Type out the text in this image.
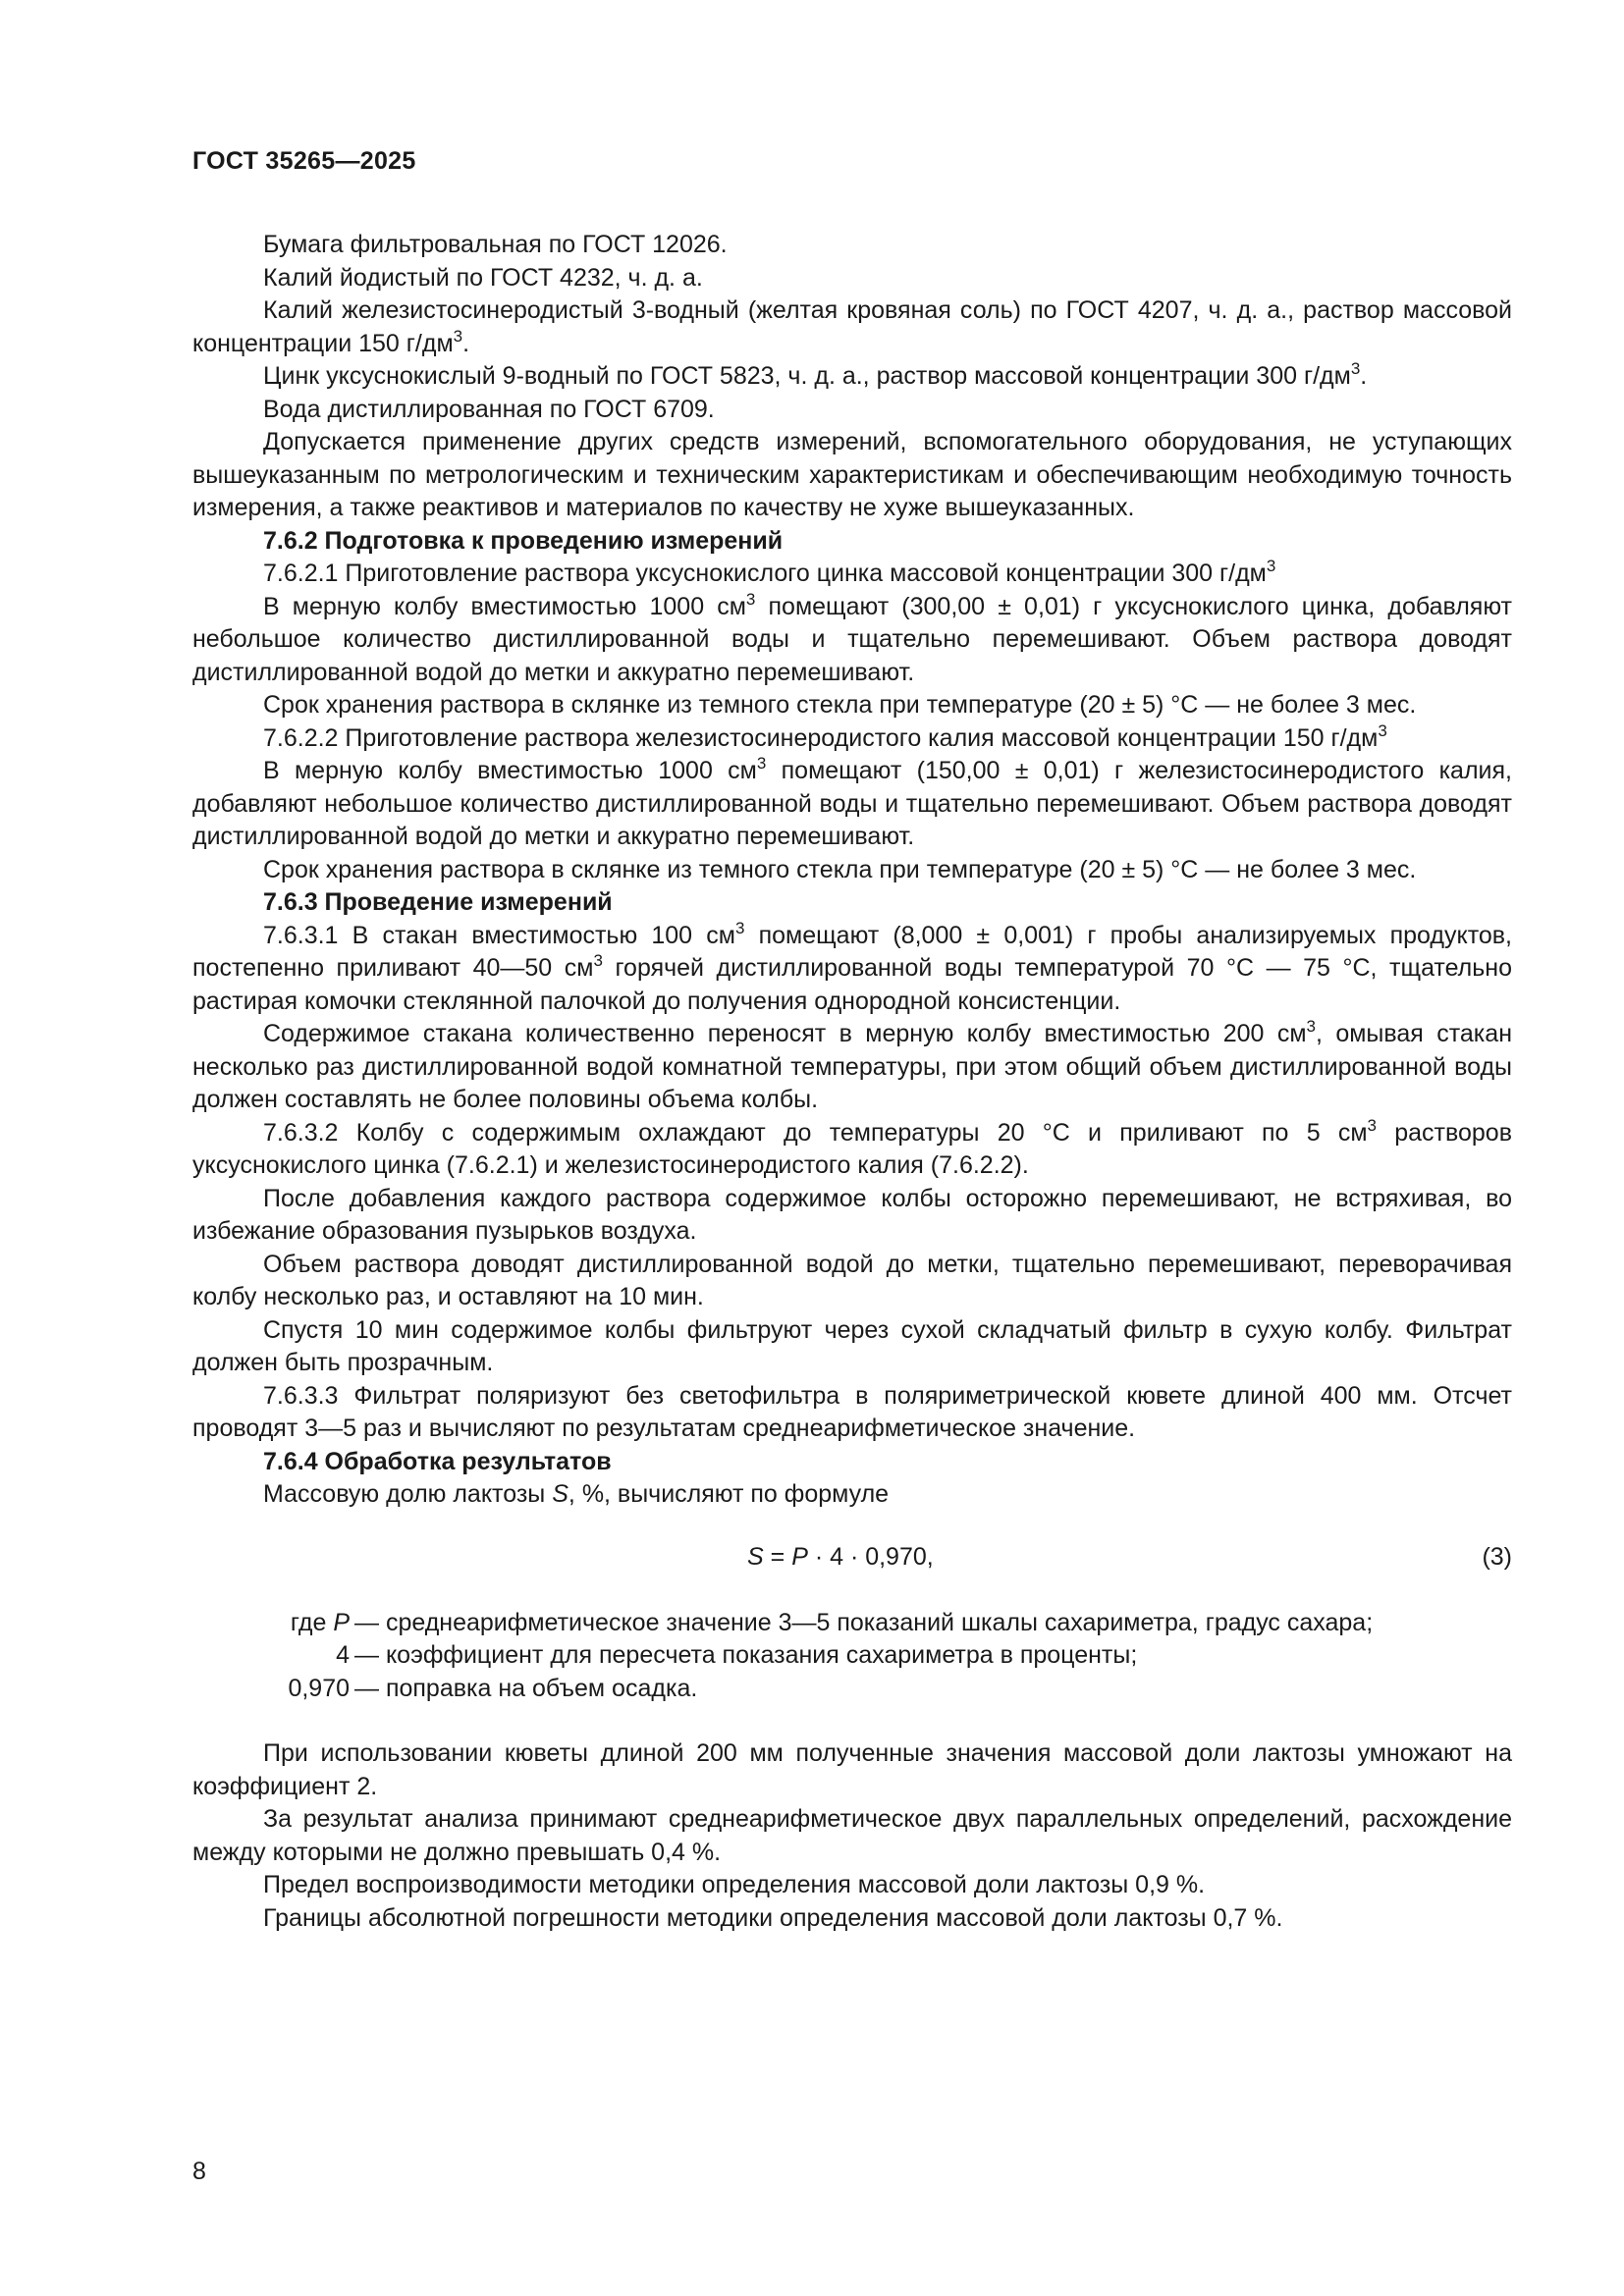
ГОСТ 35265—2025

Бумага фильтровальная по ГОСТ 12026.

Калий йодистый по ГОСТ 4232, ч. д. а.

Калий железистосинеродистый 3-водный (желтая кровяная соль) по ГОСТ 4207, ч. д. а., раствор массовой концентрации 150 $г/дм^3$.

Цинк уксуснокислый 9-водный по ГОСТ 5823, ч. д. а., раствор массовой концентрации 300 $г/дм^3$.

Вода дистиллированная по ГОСТ 6709.

Допускается применение других средств измерений, вспомогательного оборудования, не уступающих вышеуказанным по метрологическим и техническим характеристикам и обеспечивающим необходимую точность измерения, а также реактивов и материалов по качеству не хуже вышеуказанных.

7.6.2 Подготовка к проведению измерений

7.6.2.1 Приготовление раствора уксуснокислого цинка массовой концентрации 300 $г/дм^3$

В мерную колбу вместимостью 1000 $см^3$ помещают (300,00 ± 0,01) г уксуснокислого цинка, добавляют небольшое количество дистиллированной воды и тщательно перемешивают. Объем раствора доводят дистиллированной водой до метки и аккуратно перемешивают.

Срок хранения раствора в склянке из темного стекла при температуре (20 ± 5) °С — не более 3 мес.

7.6.2.2 Приготовление раствора железистосинеродистого калия массовой концентрации 150 $г/дм^3$

В мерную колбу вместимостью 1000 $см^3$ помещают (150,00 ± 0,01) г железистосинеродистого калия, добавляют небольшое количество дистиллированной воды и тщательно перемешивают. Объем раствора доводят дистиллированной водой до метки и аккуратно перемешивают.

Срок хранения раствора в склянке из темного стекла при температуре (20 ± 5) °С — не более 3 мес.

7.6.3 Проведение измерений

7.6.3.1 В стакан вместимостью 100 $см^3$ помещают (8,000 ± 0,001) г пробы анализируемых продуктов, постепенно приливают 40—50 $см^3$ горячей дистиллированной воды температурой 70 °С — 75 °С, тщательно растирая комочки стеклянной палочкой до получения однородной консистенции.

Содержимое стакана количественно переносят в мерную колбу вместимостью 200 $см^3$, омывая стакан несколько раз дистиллированной водой комнатной температуры, при этом общий объем дистиллированной воды должен составлять не более половины объема колбы.

7.6.3.2 Колбу с содержимым охлаждают до температуры 20 °С и приливают по 5 $см^3$ растворов уксуснокислого цинка (7.6.2.1) и железистосинеродистого калия (7.6.2.2).

После добавления каждого раствора содержимое колбы осторожно перемешивают, не встряхивая, во избежание образования пузырьков воздуха.

Объем раствора доводят дистиллированной водой до метки, тщательно перемешивают, переворачивая колбу несколько раз, и оставляют на 10 мин.

Спустя 10 мин содержимое колбы фильтруют через сухой складчатый фильтр в сухую колбу. Фильтрат должен быть прозрачным.

7.6.3.3 Фильтрат поляризуют без светофильтра в поляриметрической кювете длиной 400 мм. Отсчет проводят 3—5 раз и вычисляют по результатам среднеарифметическое значение.

7.6.4 Обработка результатов

Массовую долю лактозы S, %, вычисляют по формуле

S = P · 4 · 0,970,	(3)
где P — среднеарифметическое значение 3—5 показаний шкалы сахариметра, градус сахара;
4 — коэффициент для пересчета показания сахариметра в проценты;
0,970 — поправка на объем осадка.

При использовании кюветы длиной 200 мм полученные значения массовой доли лактозы умножают на коэффициент 2.

За результат анализа принимают среднеарифметическое двух параллельных определений, расхождение между которыми не должно превышать 0,4 %.

Предел воспроизводимости методики определения массовой доли лактозы 0,9 %.

Границы абсолютной погрешности методики определения массовой доли лактозы 0,7 %.

8
